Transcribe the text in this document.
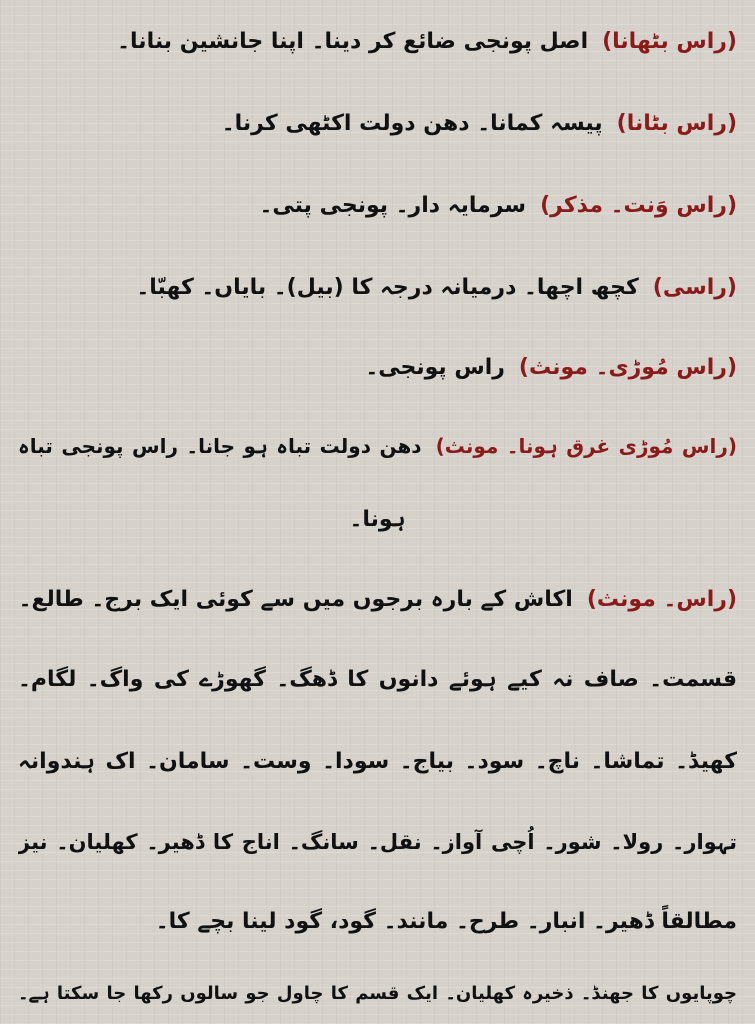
(راس بٹھانا)اصل پونجی ضائع کر دینا۔ اپنا جانشین بنانا۔
(راس بٹانا)پیسہ کمانا۔ دھن دولت اکٹھی کرنا۔
(راس وَنت۔ مذکر)سرمایہ دار۔ پونجی پتی۔
(راسی)کچھ اچھا۔ درمیانہ درجہ کا (بیل)۔ بایاں۔ کھبّا۔
(راس مُوڑی۔ مونث)راس پونجی۔
(راس مُوڑی غرق ہونا۔ مونث)دھن دولت تباہ ہو جانا۔ راس پونجی تباہ
ہونا۔
(راس۔ مونث)اکاش کے بارہ برجوں میں سے کوئی ایک برج۔ طالع۔
قسمت۔ صاف نہ کیے ہوئے دانوں کا ڈھگ۔ گھوڑے کی واگ۔ لگام۔
کھیڈ۔ تماشا۔ ناچ۔ سود۔ بیاج۔ سودا۔ وست۔ سامان۔ اک ہندوانہ
تہوار۔ رولا۔ شور۔ اُچی آواز۔ نقل۔ سانگ۔ اناج کا ڈھیر۔ کھلیان۔ نیز
مطالقاً ڈھیر۔ انبار۔ طرح۔ مانند۔ گود، گود لینا بچے کا۔
چوپایوں کا جھنڈ۔ ذخیرہ کھلیان۔ ایک قسم کا چاول جو سالوں رکھا جا سکتا ہے۔
